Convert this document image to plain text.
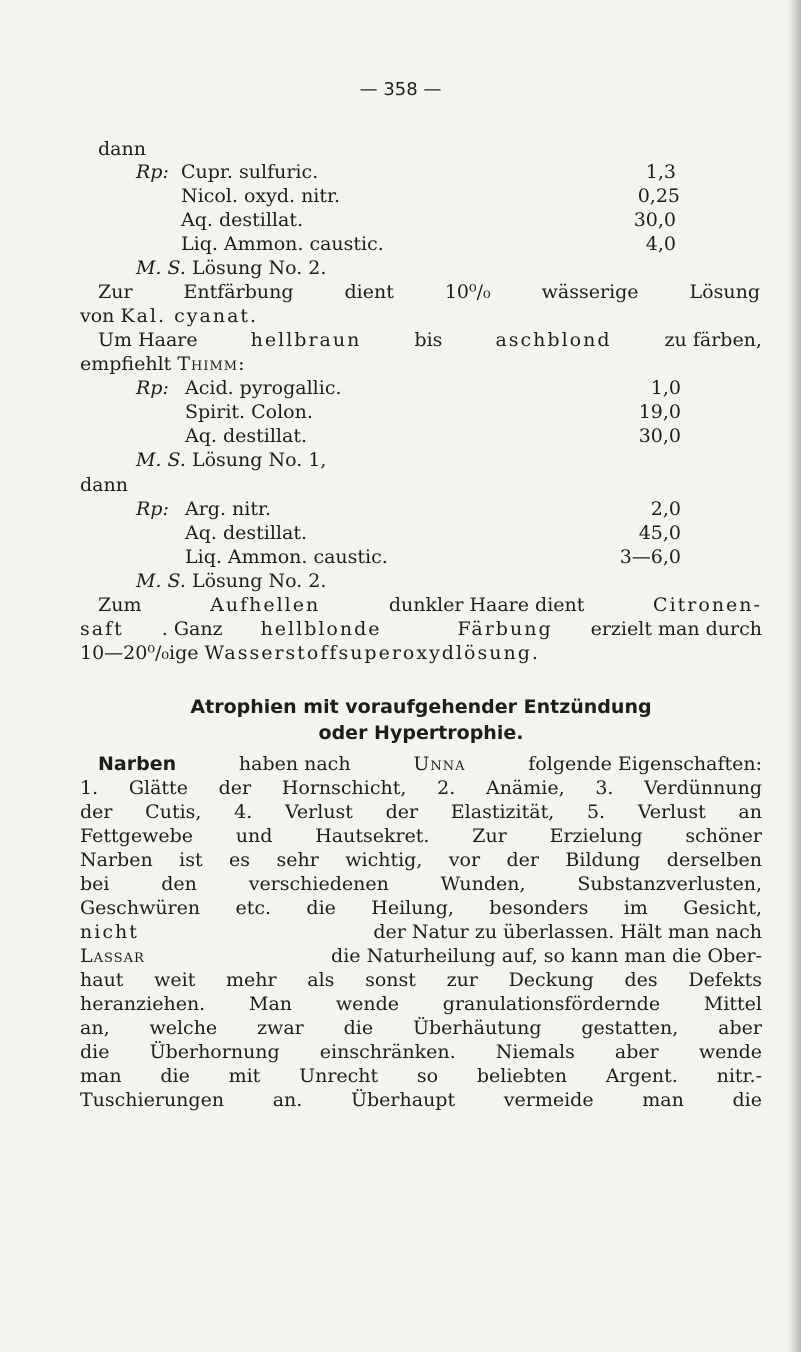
— 358 —
dann
Rp: Cupr. sulfuric.	1,3
Nicol. oxyd. nitr.	0,25
Aq. destillat.	30,0
Liq. Ammon. caustic.	4,0
M. S. Lösung No. 2.
Zur Entfärbung dient 10⁰/₀ wässerige Lösung
von Kal. cyanat.
Um Haare	hellbraun	bis	aschblond	zu färben,
empfiehlt Thimm:
Rp: Acid. pyrogallic.	1,0
Spirit. Colon.	19,0
Aq. destillat.	30,0
M. S. Lösung No. 1,
dann
Rp: Arg. nitr.	2,0
Aq. destillat.	45,0
Liq. Ammon. caustic.	3—6,0
M. S. Lösung No. 2.
Zum	Aufhellen	dunkler Haare dient	Citronen-
saft . Ganz hellblonde	Färbung erzielt man durch
10—20⁰/₀ige Wasserstoffsuperoxydlösung.
Atrophien mit voraufgehender Entzündung
oder Hypertrophie.
Narben	haben nach	Unna	folgende Eigenschaften:
1. Glätte der Hornschicht, 2. Anämie, 3. Verdünnung
der Cutis, 4. Verlust der Elastizität, 5. Verlust an
Fettgewebe und Hautsekret. Zur Erzielung schöner
Narben ist es sehr wichtig, vor der Bildung derselben
bei den verschiedenen Wunden, Substanzverlusten,
Geschwüren etc. die Heilung, besonders im Gesicht,
nicht	der Natur zu überlassen. Hält man nach
Lassar	die Naturheilung auf, so kann man die Ober-
haut weit mehr als sonst zur Deckung des Defekts
heranziehen. Man wende granulationsfördernde Mittel
an, welche zwar die Überhäutung gestatten, aber
die Überhornung einschränken. Niemals aber wende
man die mit Unrecht so beliebten Argent. nitr.-
Tuschierungen an. Überhaupt vermeide man die
